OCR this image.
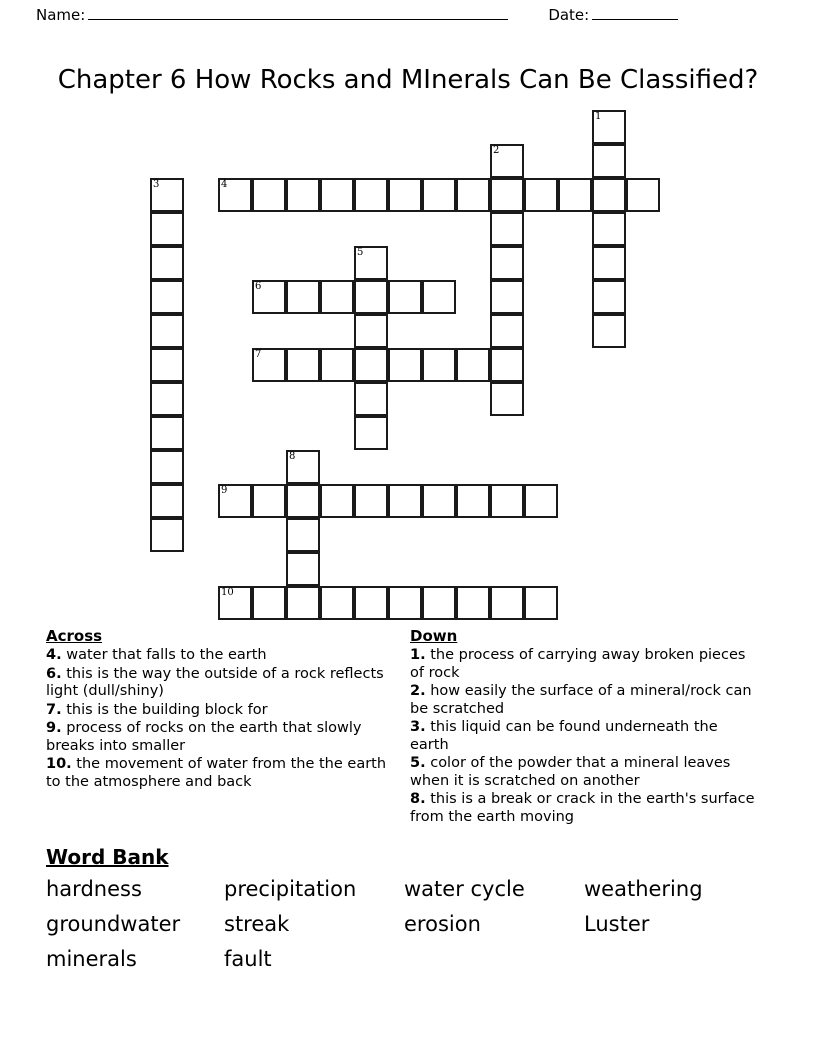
Name:	Date:
Chapter 6 How Rocks and MInerals Can Be Classified?
1
2
3	4
5
6
7
8
9
10
Across

4. water that falls to the earth

6. this is the way the outside of a rock reflects light (dull/shiny)

7. this is the building block for

9. process of rocks on the earth that slowly breaks into smaller

10. the movement of water from the the earth to the atmosphere and back

Down

1. the process of carrying away broken pieces of rock

2. how easily the surface of a mineral/rock can be scratched

3. this liquid can be found underneath the earth

5. color of the powder that a mineral leaves when it is scratched on another

8. this is a break or crack in the earth's surface from the earth moving

Word Bank
hardness	precipitation	water cycle	weathering
groundwater	streak	erosion	Luster
minerals	fault
